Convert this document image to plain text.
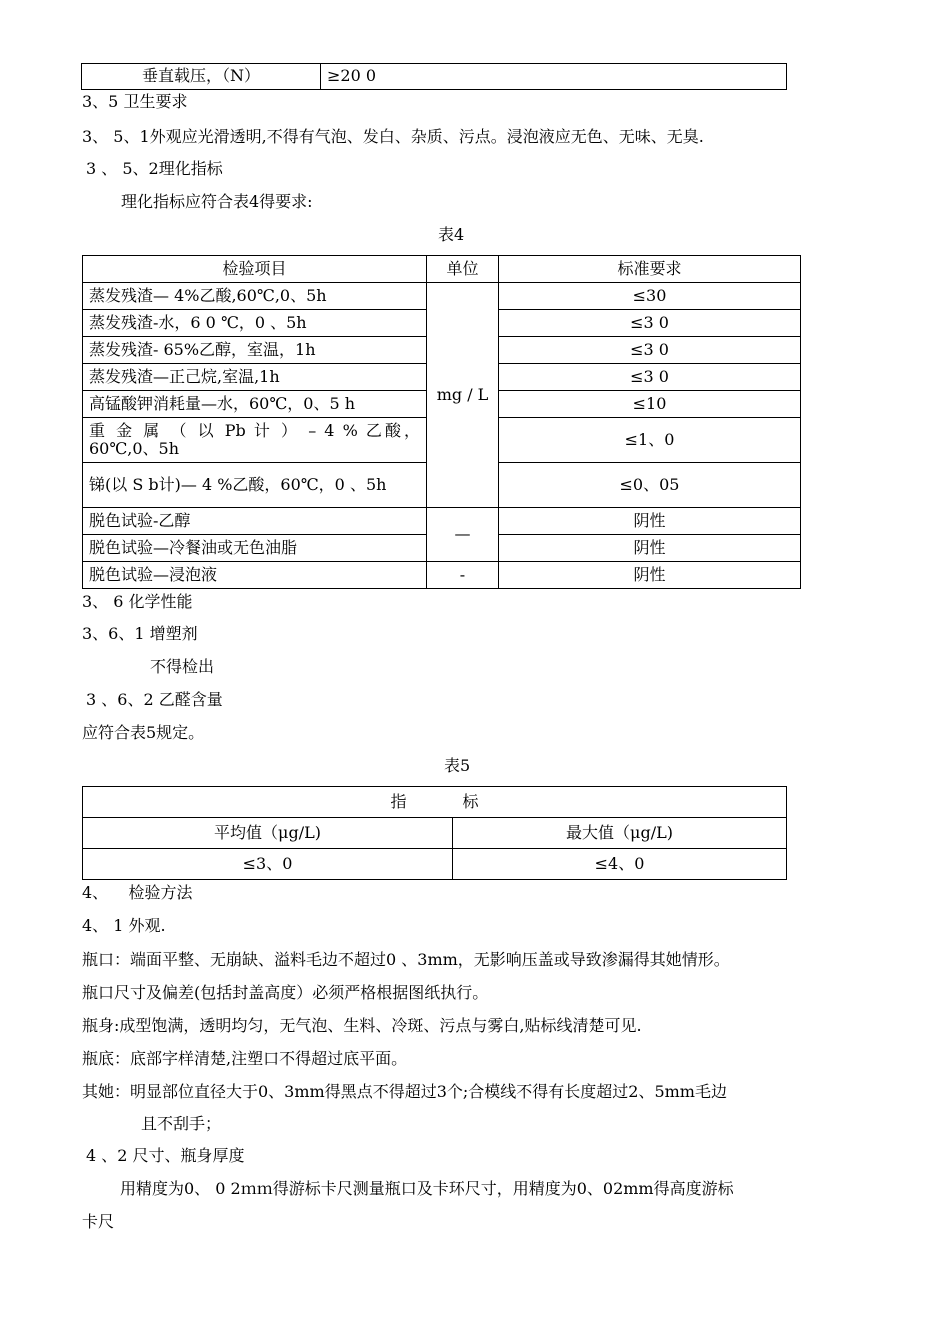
垂直载压，（N）	≥20 0
3、5 卫生要求
3、 5、1外观应光滑透明,不得有气泡、发白、杂质、污点。浸泡液应无色、无味、无臭.
3 、 5、2理化指标
理化指标应符合表4得要求:
表4
检验项目	单位	标准要求
蒸发残渣— 4%乙酸,60℃,0、5h	mg / L	≤30
蒸发残渣-水，6 0 ℃，0 、5h		≤3 0
蒸发残渣- 65%乙醇，室温，1h		≤3 0
蒸发残渣—正己烷,室温,1h		≤3 0
高锰酸钾消耗量—水，60℃，0、5 h		≤10
重 金 属 （ 以 Pb 计 ） – 4 % 乙酸，60℃,0、5h		≤1、0
锑(以 S b计)— 4 %乙酸，60℃，0 、5h		≤0、05
脱色试验-乙醇	—	阴性
脱色试验—冷餐油或无色油脂		阴性
脱色试验—浸泡液	-	阴性
3、 6 化学性能
3、6、1 增塑剂
不得检出
3 、6、2 乙醛含量
应符合表5规定。
表5
指           标	
平均值（μg/L)	最大值（μg/L)
≤3、0	≤4、0
4、    检验方法
4、 1 外观.
瓶口：端面平整、无崩缺、溢料毛边不超过0 、3mm，无影响压盖或导致渗漏得其她情形。
瓶口尺寸及偏差(包括封盖高度）必须严格根据图纸执行。
瓶身:成型饱满，透明均匀，无气泡、生料、冷斑、污点与雾白,贴标线清楚可见.
瓶底：底部字样清楚,注塑口不得超过底平面。
其她：明显部位直径大于0、3mm得黑点不得超过3个;合模线不得有长度超过2、5mm毛边
且不刮手；
4 、2 尺寸、瓶身厚度
用精度为0、 0 2ｍｍ得游标卡尺测量瓶口及卡环尺寸，用精度为0、02mm得高度游标
卡尺
